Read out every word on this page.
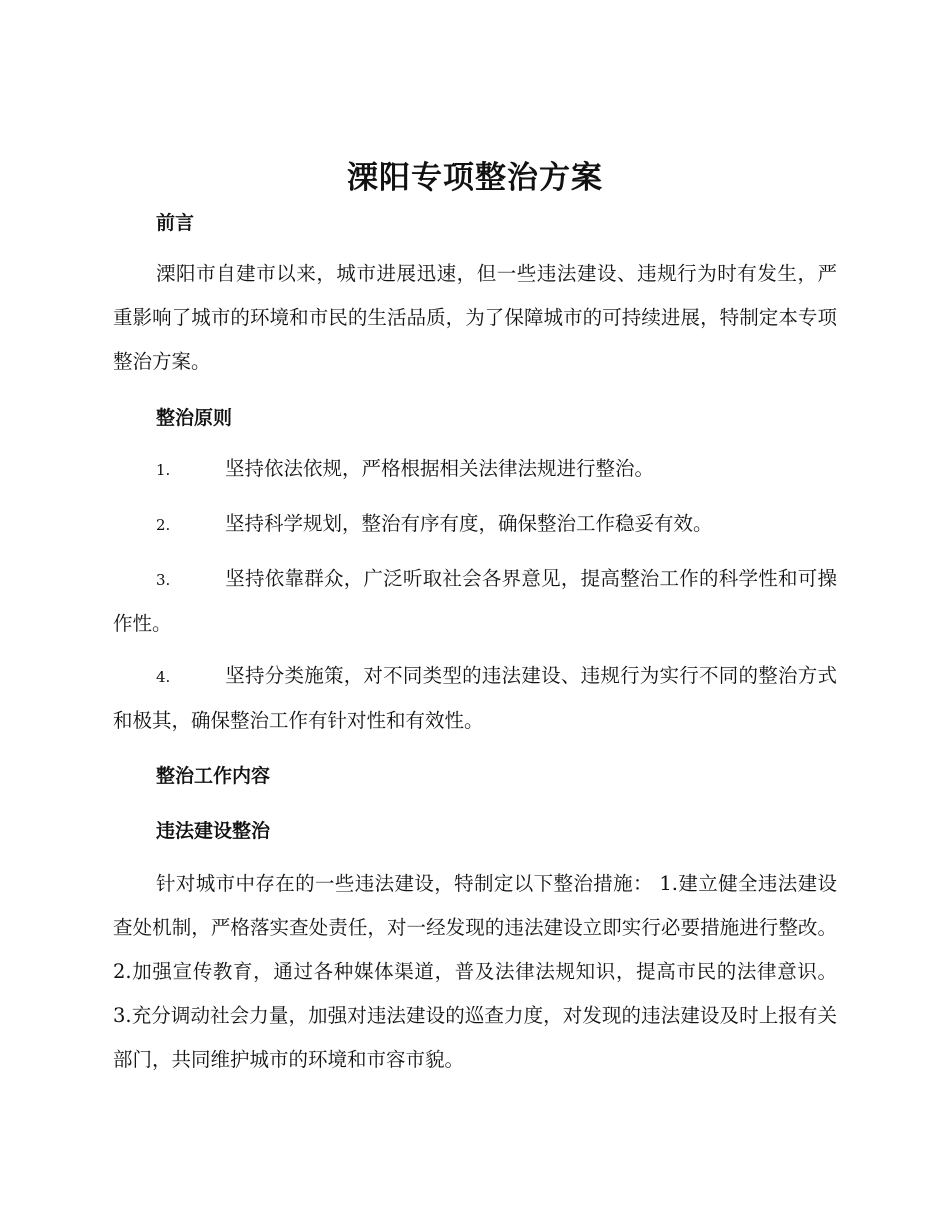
溧阳专项整治方案
前言

溧阳市自建市以来，城市进展迅速，但一些违法建设、违规行为时有发生，严重影响了城市的环境和市民的生活品质，为了保障城市的可持续进展，特制定本专项整治方案。

整治原则

1.	坚持依法依规，严格根据相关法律法规进行整治。

2.	坚持科学规划，整治有序有度，确保整治工作稳妥有效。

3.	坚持依靠群众，广泛听取社会各界意见，提高整治工作的科学性和可操作性。

4.	坚持分类施策，对不同类型的违法建设、违规行为实行不同的整治方式和极其，确保整治工作有针对性和有效性。

整治工作内容
违法建设整治

针对城市中存在的一些违法建设，特制定以下整治措施： 1.建立健全违法建设查处机制，严格落实查处责任，对一经发现的违法建设立即实行必要措施进行整改。 2.加强宣传教育，通过各种媒体渠道，普及法律法规知识，提高市民的法律意识。 3.充分调动社会力量，加强对违法建设的巡查力度，对发现的违法建设及时上报有关部门，共同维护城市的环境和市容市貌。
